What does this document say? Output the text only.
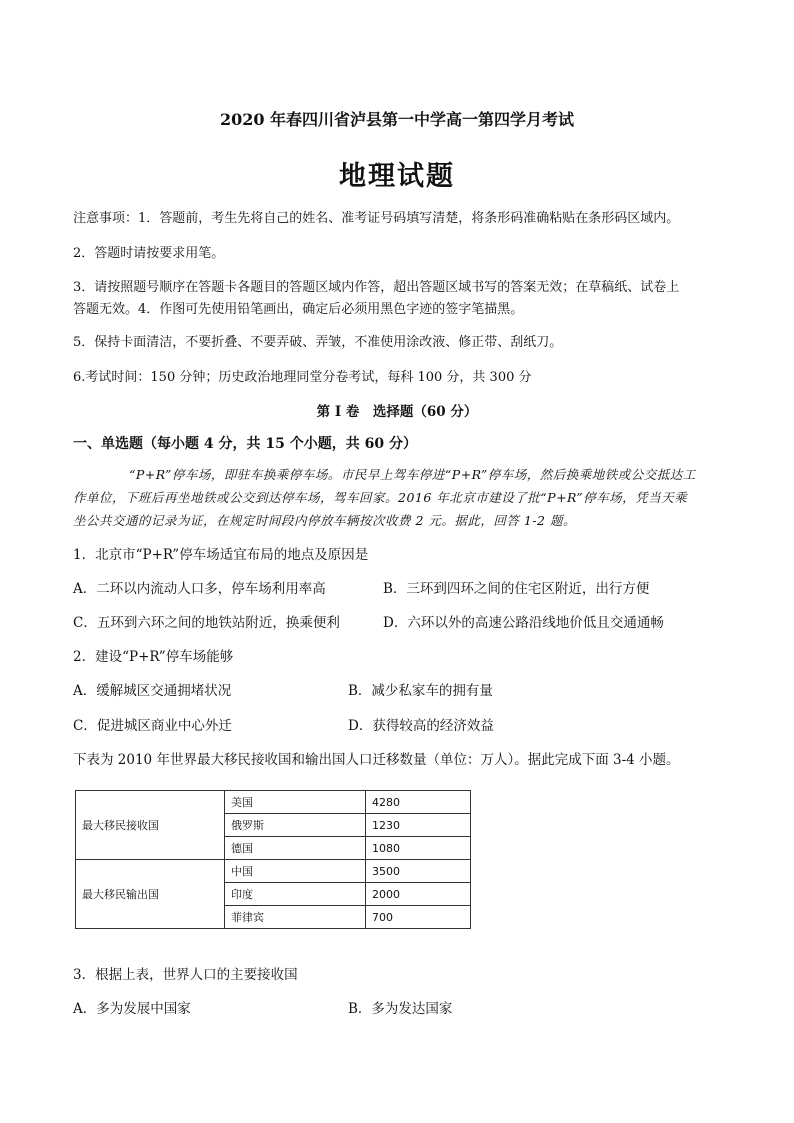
2020 年春四川省泸县第一中学高一第四学月考试
地理试题
注意事项：1．答题前，考生先将自己的姓名、准考证号码填写清楚，将条形码准确粘贴在条形码区域内。
2．答题时请按要求用笔。
3．请按照题号顺序在答题卡各题目的答题区域内作答，超出答题区域书写的答案无效；在草稿纸、试卷上
答题无效。4．作图可先使用铅笔画出，确定后必须用黑色字迹的签字笔描黑。
5．保持卡面清洁，不要折叠、不要弄破、弄皱，不准使用涂改液、修正带、刮纸刀。
6.考试时间：150 分钟；历史政治地理同堂分卷考试，每科 100 分，共 300 分
第 I 卷　选择题（60 分）
一、单选题（每小题 4 分，共 15 个小题，共 60 分）
“P+R”停车场，即驻车换乘停车场。市民早上驾车停进“P+R”停车场，然后换乘地铁或公交抵达工
作单位，下班后再坐地铁或公交到达停车场，驾车回家。2016 年北京市建设了批“P+R”停车场，凭当天乘
坐公共交通的记录为证，在规定时间段内停放车辆按次收费 2 元。据此，回答 1-2 题。
1．北京市“P+R”停车场适宜布局的地点及原因是
A．二环以内流动人口多，停车场利用率高	B．三环到四环之间的住宅区附近，出行方便
C．五环到六环之间的地铁站附近，换乘便利	D．六环以外的高速公路沿线地价低且交通通畅
2．建设“P+R”停车场能够
A．缓解城区交通拥堵状况	B．减少私家车的拥有量
C．促进城区商业中心外迁	D．获得较高的经济效益
下表为 2010 年世界最大移民接收国和输出国人口迁移数量（单位：万人）。据此完成下面 3-4 小题。
最大移民接收国	美国	4280
	俄罗斯	1230
	德国	1080
最大移民输出国	中国	3500
	印度	2000
	菲律宾	700
3．根据上表，世界人口的主要接收国
A．多为发展中国家	B．多为发达国家
